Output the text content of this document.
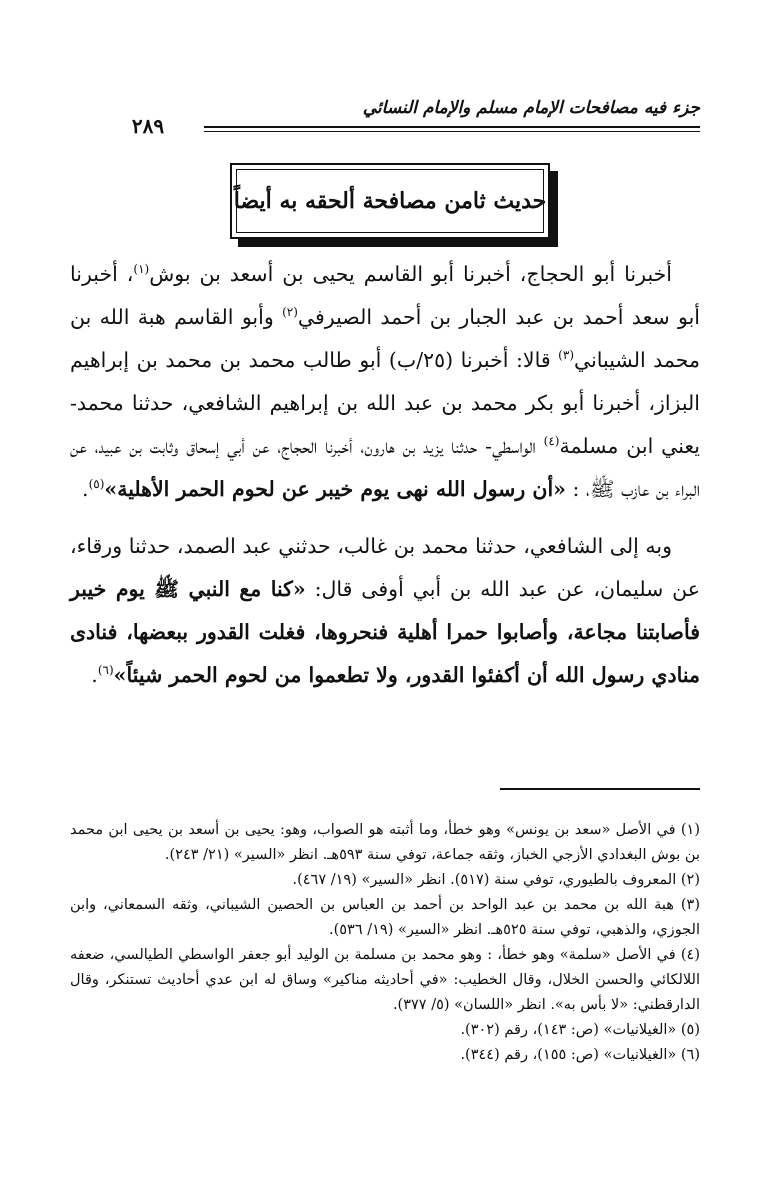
جزء فيه مصافحات الإمام مسلم والإمام النسائي
٢٨٩
حديث ثامن مصافحة ألحقه به أيضاً

أخبرنا أبو الحجاج، أخبرنا أبو القاسم يحيى بن أسعد بن بوش$^{(١)}$، أخبرنا أبو سعد أحمد بن عبد الجبار بن أحمد الصيرفي$^{(٢)}$ وأبو القاسم هبة الله بن محمد الشيباني$^{(٣)}$ قالا: أخبرنا (٢٥/ب) أبو طالب محمد بن محمد بن إبراهيم البزاز، أخبرنا أبو بكر محمد بن عبد الله بن إبراهيم الشافعي، حدثنا محمد- يعني ابن مسلمة$^{(٤)}$ الواسطي- حدثنا يزيد بن هارون، أخبرنا الحجاج، عن أبي إسحاق وثابت بن عبيد، عن البراء بن عازب ﷺ، : «أن رسول الله نهى يوم خيبر عن لحوم الحمر الأهلية»$^{(٥)}$.

وبه إلى الشافعي، حدثنا محمد بن غالب، حدثني عبد الصمد، حدثنا ورقاء، عن سليمان، عن عبد الله بن أبي أوفى قال: «كنا مع النبي ﷺ يوم خيبر فأصابتنا مجاعة، وأصابوا حمرا أهلية فنحروها، فغلت القدور ببعضها، فنادى منادي رسول الله أن أكفئوا القدور، ولا تطعموا من لحوم الحمر شيئاً»$^{(٦)}$.

(١) في الأصل «سعد بن يونس» وهو خطأ، وما أثبته هو الصواب، وهو: يحيى بن أسعد بن يحيى ابن محمد بن بوش البغدادي الأزجي الخباز، وثقه جماعة، توفي سنة ٥٩٣هـ. انظر «السير» (٢١/ ٢٤٣).

(٢) المعروف بالطيوري، توفي سنة (٥١٧). انظر «السير» (١٩/ ٤٦٧).

(٣) هبة الله بن محمد بن عبد الواحد بن أحمد بن العباس بن الحصين الشيباني، وثقه السمعاني، وابن الجوزي، والذهبي، توفي سنة ٥٢٥هـ. انظر «السير» (١٩/ ٥٣٦).

(٤) في الأصل «سلمة» وهو خطأ، : وهو محمد بن مسلمة بن الوليد أبو جعفر الواسطي الطيالسي، ضعفه اللالكائي والحسن الخلال، وقال الخطيب: «في أحاديثه مناكير» وساق له ابن عدي أحاديث تستنكر، وقال الدارقطني: «لا بأس به». انظر «اللسان» (٥/ ٣٧٧).

(٥) «الغيلانيات» (ص: ١٤٣)، رقم (٣٠٢).

(٦) «الغيلانيات» (ص: ١٥٥)، رقم (٣٤٤).
